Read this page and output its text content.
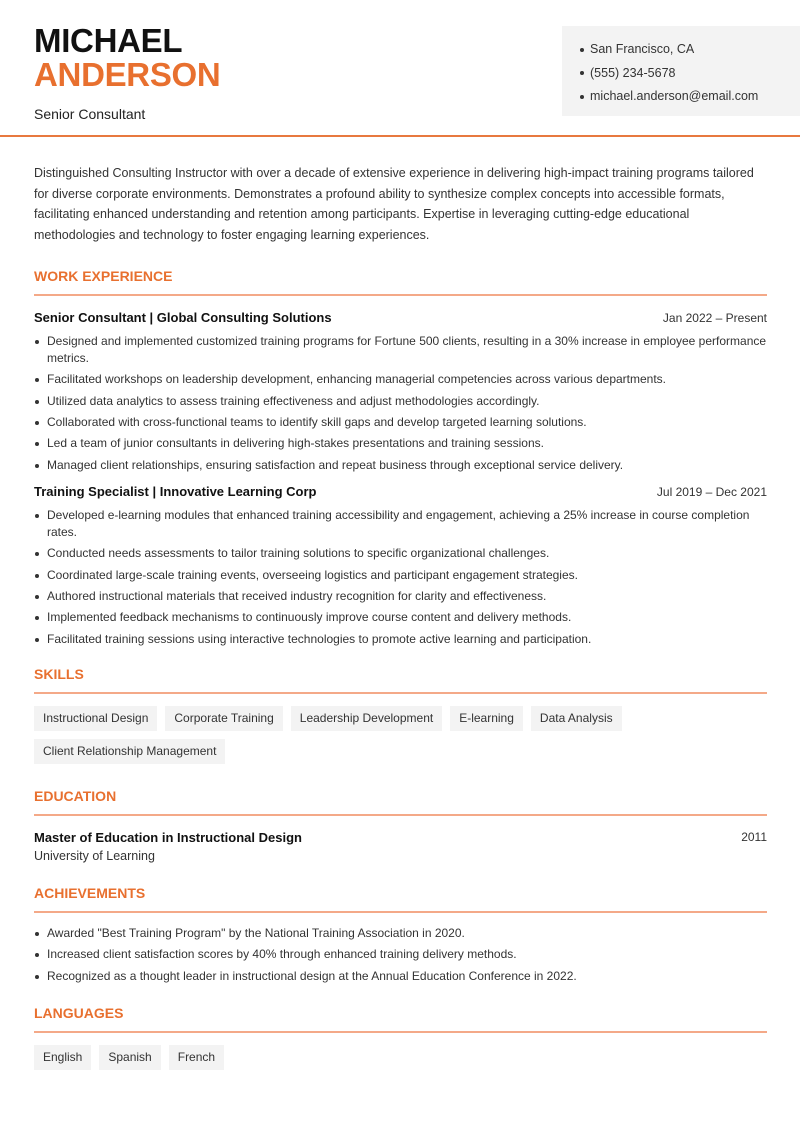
MICHAEL
ANDERSON
Senior Consultant
San Francisco, CA
(555) 234-5678
michael.anderson@email.com

Distinguished Consulting Instructor with over a decade of extensive experience in delivering high-impact training programs tailored for diverse corporate environments. Demonstrates a profound ability to synthesize complex concepts into accessible formats, facilitating enhanced understanding and retention among participants. Expertise in leveraging cutting-edge educational methodologies and technology to foster engaging learning experiences.

WORK EXPERIENCE
Senior Consultant | Global Consulting Solutions	Jan 2022 – Present
Designed and implemented customized training programs for Fortune 500 clients, resulting in a 30% increase in employee performance metrics.
Facilitated workshops on leadership development, enhancing managerial competencies across various departments.
Utilized data analytics to assess training effectiveness and adjust methodologies accordingly.
Collaborated with cross-functional teams to identify skill gaps and develop targeted learning solutions.
Led a team of junior consultants in delivering high-stakes presentations and training sessions.
Managed client relationships, ensuring satisfaction and repeat business through exceptional service delivery.
Training Specialist | Innovative Learning Corp	Jul 2019 – Dec 2021
Developed e-learning modules that enhanced training accessibility and engagement, achieving a 25% increase in course completion rates.
Conducted needs assessments to tailor training solutions to specific organizational challenges.
Coordinated large-scale training events, overseeing logistics and participant engagement strategies.
Authored instructional materials that received industry recognition for clarity and effectiveness.
Implemented feedback mechanisms to continuously improve course content and delivery methods.
Facilitated training sessions using interactive technologies to promote active learning and participation.
SKILLS
Instructional Design	Corporate Training	Leadership Development	E-learning	Data Analysis
Client Relationship Management
EDUCATION
Master of Education in Instructional Design	2011
University of Learning
ACHIEVEMENTS
Awarded "Best Training Program" by the National Training Association in 2020.
Increased client satisfaction scores by 40% through enhanced training delivery methods.
Recognized as a thought leader in instructional design at the Annual Education Conference in 2022.
LANGUAGES
English	Spanish	French
